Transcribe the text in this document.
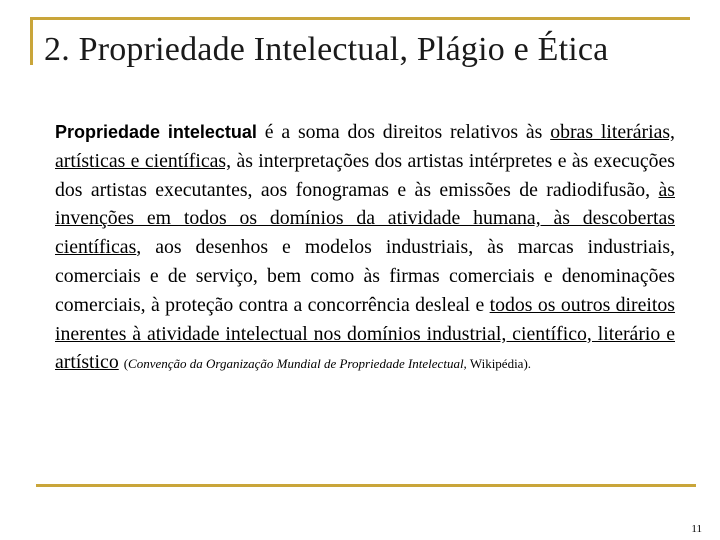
2. Propriedade Intelectual, Plágio e Ética
Propriedade intelectual é a soma dos direitos relativos às obras literárias, artísticas e científicas, às interpretações dos artistas intérpretes e às execuções dos artistas executantes, aos fonogramas e às emissões de radiodifusão, às invenções em todos os domínios da atividade humana, às descobertas científicas, aos desenhos e modelos industriais, às marcas industriais, comerciais e de serviço, bem como às firmas comerciais e denominações comerciais, à proteção contra a concorrência desleal e todos os outros direitos inerentes à atividade intelectual nos domínios industrial, científico, literário e artístico (Convenção da Organização Mundial de Propriedade Intelectual, Wikipédia).
11
